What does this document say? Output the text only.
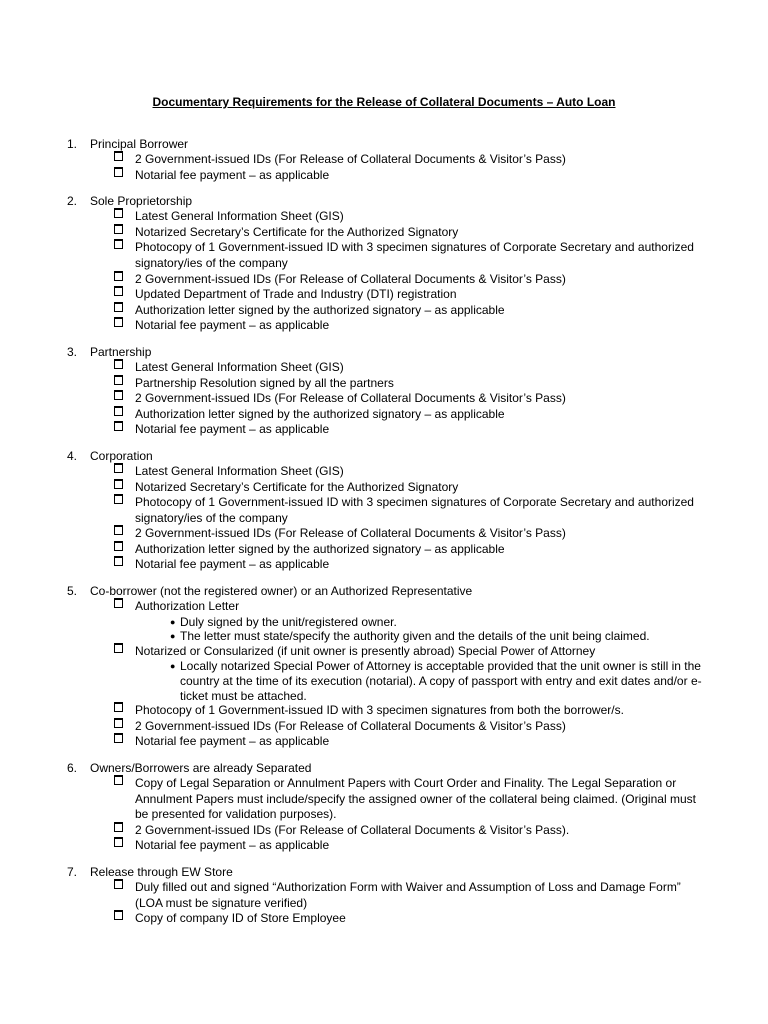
Documentary Requirements for the Release of Collateral Documents – Auto Loan
1.	Principal Borrower
2 Government-issued IDs (For Release of Collateral Documents & Visitor’s Pass)
Notarial fee payment – as applicable
2.	Sole Proprietorship
Latest General Information Sheet (GIS)
Notarized Secretary’s Certificate for the Authorized Signatory
Photocopy of 1 Government-issued ID with 3 specimen signatures of Corporate Secretary and authorized signatory/ies of the company
2 Government-issued IDs (For Release of Collateral Documents & Visitor’s Pass)
Updated Department of Trade and Industry (DTI) registration
Authorization letter signed by the authorized signatory – as applicable
Notarial fee payment – as applicable
3.	Partnership
Latest General Information Sheet (GIS)
Partnership Resolution signed by all the partners
2 Government-issued IDs (For Release of Collateral Documents & Visitor’s Pass)
Authorization letter signed by the authorized signatory – as applicable
Notarial fee payment – as applicable
4.	Corporation
Latest General Information Sheet (GIS)
Notarized Secretary’s Certificate for the Authorized Signatory
Photocopy of 1 Government-issued ID with 3 specimen signatures of Corporate Secretary and authorized signatory/ies of the company
2 Government-issued IDs (For Release of Collateral Documents & Visitor’s Pass)
Authorization letter signed by the authorized signatory – as applicable
Notarial fee payment – as applicable
5.	Co-borrower (not the registered owner) or an Authorized Representative
Authorization Letter
● Duly signed by the unit/registered owner.
● The letter must state/specify the authority given and the details of the unit being claimed.
Notarized or Consularized (if unit owner is presently abroad) Special Power of Attorney
● Locally notarized Special Power of Attorney is acceptable provided that the unit owner is still in the country at the time of its execution (notarial). A copy of passport with entry and exit dates and/or e-ticket must be attached.
Photocopy of 1 Government-issued ID with 3 specimen signatures from both the borrower/s.
2 Government-issued IDs (For Release of Collateral Documents & Visitor’s Pass)
Notarial fee payment – as applicable
6.	Owners/Borrowers are already Separated
Copy of Legal Separation or Annulment Papers with Court Order and Finality. The Legal Separation or Annulment Papers must include/specify the assigned owner of the collateral being claimed. (Original must be presented for validation purposes).
2 Government-issued IDs (For Release of Collateral Documents & Visitor’s Pass).
Notarial fee payment – as applicable
7.	Release through EW Store
Duly filled out and signed “Authorization Form with Waiver and Assumption of Loss and Damage Form” (LOA must be signature verified)
Copy of company ID of Store Employee
